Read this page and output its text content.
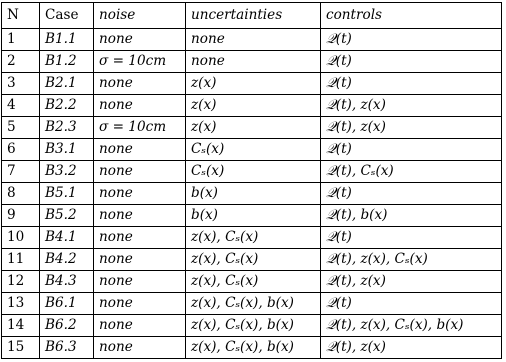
N	Case	noise	uncertainties	controls
1	B1.1	none	none	𝒬(t)
2	B1.2	σ = 10cm	none	𝒬(t)
3	B2.1	none	z(x)	𝒬(t)
4	B2.2	none	z(x)	𝒬(t), z(x)
5	B2.3	σ = 10cm	z(x)	𝒬(t), z(x)
6	B3.1	none	Cₛ(x)	𝒬(t)
7	B3.2	none	Cₛ(x)	𝒬(t), Cₛ(x)
8	B5.1	none	b(x)	𝒬(t)
9	B5.2	none	b(x)	𝒬(t), b(x)
10	B4.1	none	z(x), Cₛ(x)	𝒬(t)
11	B4.2	none	z(x), Cₛ(x)	𝒬(t), z(x), Cₛ(x)
12	B4.3	none	z(x), Cₛ(x)	𝒬(t), z(x)
13	B6.1	none	z(x), Cₛ(x), b(x)	𝒬(t)
14	B6.2	none	z(x), Cₛ(x), b(x)	𝒬(t), z(x), Cₛ(x), b(x)
15	B6.3	none	z(x), Cₛ(x), b(x)	𝒬(t), z(x)
